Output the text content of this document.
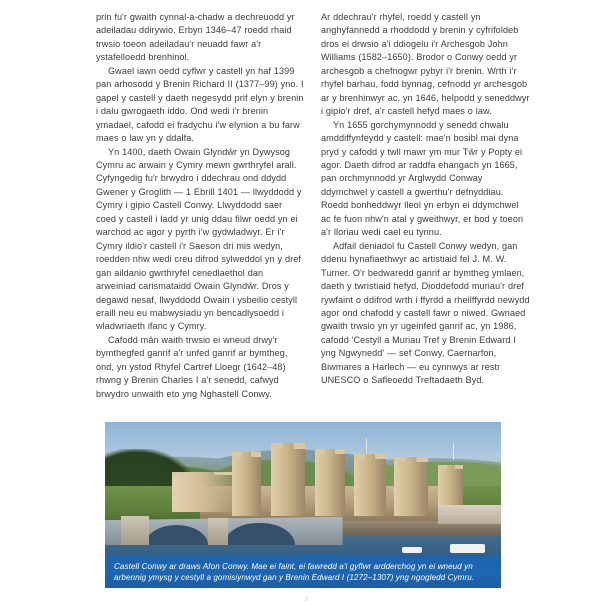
prin fu'r gwaith cynnal-a-chadw a dechreuodd yr adeiladau ddirywio. Erbyn 1346–47 roedd rhaid trwsio toeon adeiladau'r neuadd fawr a'r ystafelloedd brenhinol.

Gwael iawn oedd cyflwr y castell yn haf 1399 pan arhosodd y Brenin Richard II (1377–99) yno. I gapel y castell y daeth negesydd prif elyn y brenin i dalu gwrogaeth iddo. Ond wedi i'r brenin ymadael, cafodd ei fradychu i'w elynion a bu farw maes o law yn y ddalfa.

Yn 1400, daeth Owain Glyndŵr yn Dywysog Cymru ac arwain y Cymry mewn gwrthryfel arall. Cyfyngedig fu'r brwydro i ddechrau ond ddydd Gwener y Groglith — 1 Ebrill 1401 — llwyddodd y Cymry i gipio Castell Conwy. Llwyddodd saer coed y castell i ladd yr unig ddau filwr oedd yn ei warchod ac agor y pyrth i'w gydwladwyr. Er i'r Cymry ildio'r castell i'r Saeson dri mis wedyn, roedden nhw wedi creu difrod sylweddol yn y dref gan aildanio gwrthryfel cenedlaethol dan arweiniad carismataidd Owain Glyndŵr. Dros y degawd nesaf, llwyddodd Owain i ysbeilio cestyll eraill neu eu mabwysiadu yn bencadlysoedd i wladwriaeth ifanc y Cymry.

Cafodd mân waith trwsio ei wneud drwy'r bymthegfed ganrif a'r unfed ganrif ar bymtheg, ond, yn ystod Rhyfel Cartref Lloegr (1642–48) rhwng y Brenin Charles I a'r senedd, cafwyd brwydro unwaith eto yng Nghastell Conwy.

Ar ddechrau'r rhyfel, roedd y castell yn anghyfannedd a rhoddodd y brenin y cyfrifoldeb dros ei drwsio a'i ddiogelu i'r Archesgob John Williams (1582–1650). Brodor o Conwy oedd yr archesgob a chefnogwr pybyr i'r brenin. Wrth i'r rhyfel barhau, fodd bynnag, cefnodd yr archesgob ar y brenhinwyr ac, yn 1646, helpodd y seneddwyr i gipio'r dref, a'r castell hefyd maes o law.

Yn 1655 gorchymynnodd y senedd chwalu amddiffynfeydd y castell: mae'n bosibl mai dyna pryd y cafodd y twll mawr ym mur Tŵr y Popty ei agor. Daeth difrod ar raddfa ehangach yn 1665, pan orchmynnodd yr Arglwydd Conway ddymchwel y castell a gwerthu'r defnyddiau. Roedd bonheddwyr lleol yn erbyn ei ddymchwel ac fe fuon nhw'n atal y gweithwyr, er bod y toeon a'r lloriau wedi cael eu tynnu.

Adfail deniadol fu Castell Conwy wedyn, gan ddenu hynafiaethwyr ac artistiaid fel J. M. W. Turner. O'r bedwaredd ganrif ar bymtheg ymlaen, daeth y twristiaid hefyd. Dioddefodd muriau'r dref rywfaint o ddifrod wrth i ffyrdd a rheilffyrdd newydd agor ond chafodd y castell fawr o niwed. Gwnaed gwaith trwsio yn yr ugeinfed ganrif ac, yn 1986, cafodd 'Cestyll a Muriau Tref y Brenin Edward I yng Ngwynedd' — sef Conwy, Caernarfon, Biwmares a Harlech — eu cynnwys ar restr UNESCO o Safleoedd Treftadaeth Byd.

Castell Conwy ar draws Afon Conwy. Mae ei faint, ei fawredd a'i gyflwr ardderchog yn ei wneud yn arbennig ymysg y cestyll a gomisiynwyd gan y Brenin Edward I (1272–1307) yng ngogledd Cymru.

2
